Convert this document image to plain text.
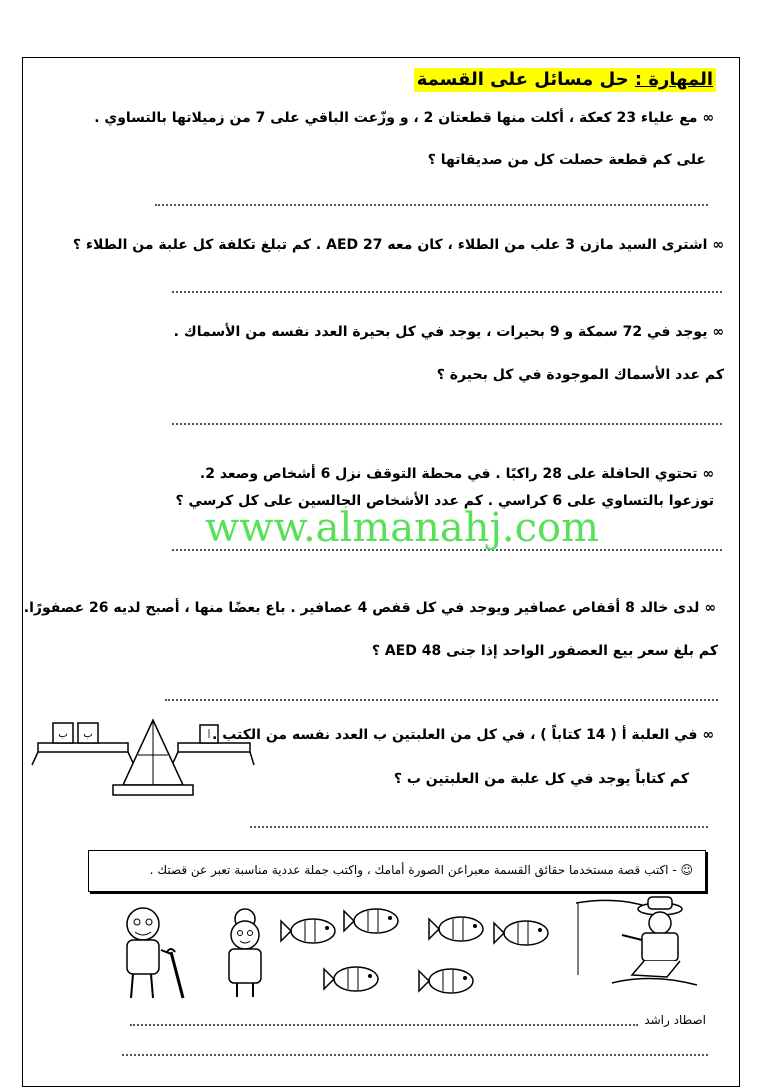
المهارة : حل مسائل على القسمة
∞ مع علياء 23 كعكة ، أكلت منها قطعتان 2 ، و وزّعت الباقي على 7 من زميلاتها بالتساوي .
على كم قطعة حصلت كل من صديقاتها ؟
∞ اشترى السيد مازن 3 علب من الطلاء ، كان معه AED 27 . كم تبلغ تكلفة كل علبة من الطلاء ؟
∞ يوجد في 72 سمكة و 9 بحيرات ، يوجد في كل بحيرة العدد نفسه من الأسماك .
كم عدد الأسماك الموجودة في كل بحيرة ؟
∞ تحتوي الحافلة على 28 راكبًا . في محطة التوقف نزل 6 أشخاص وصعد 2.
توزعوا بالتساوي على 6 كراسي . كم عدد الأشخاص الجالسين على كل كرسي ؟
www.almanahj.com
∞ لدى خالد 8 أقفاص عصافير ويوجد في كل قفص 4 عصافير . باع بعضًا منها ، أصبح لديه 26 عصفورًا.
كم بلغ سعر بيع العصفور الواحد إذا جنى AED 48 ؟
ب ب	أ	∞ في العلبة أ ( 14 كتاباً ) ، في كل من العلبتين ب العدد نفسه من الكتب .
كم كتاباً يوجد في كل علبة من العلبتين ب ؟
☺ - اكتب قصة مستخدما حقائق القسمة معبراعن الصورة أمامك ، واكتب جملة عددية مناسبة تعبر عن قصتك .
اصطاد راشد
